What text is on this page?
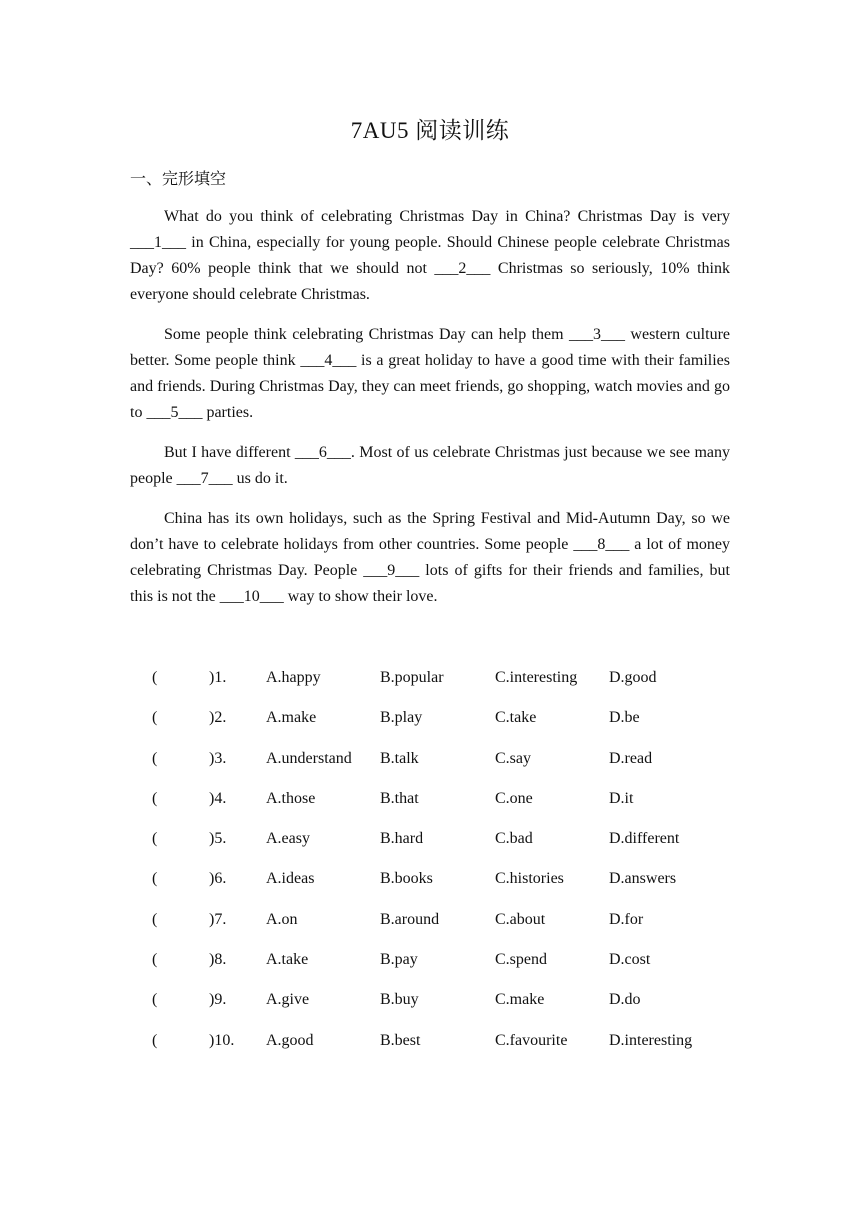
7AU5 阅读训练
一、完形填空

What do you think of celebrating Christmas Day in China? Christmas Day is very ___1___ in China, especially for young people. Should Chinese people celebrate Christmas Day? 60% people think that we should not ___2___ Christmas so seriously, 10% think everyone should celebrate Christmas.

Some people think celebrating Christmas Day can help them ___3___ western culture better. Some people think ___4___ is a great holiday to have a good time with their families and friends. During Christmas Day, they can meet friends, go shopping, watch movies and go to ___5___ parties.

But I have different ___6___. Most of us celebrate Christmas just because we see many people ___7___ us do it.

China has its own holidays, such as the Spring Festival and Mid-Autumn Day, so we don’t have to celebrate holidays from other countries. Some people ___8___ a lot of money celebrating Christmas Day. People ___9___ lots of gifts for their friends and families, but this is not the ___10___ way to show their love.

(	)1. A.happy	B.popular	C.interesting D.good
(	)2. A.make	B.play	C.take	D.be
(	)3. A.understand B.talk	C.say	D.read
(	)4. A.those	B.that	C.one	D.it
(	)5. A.easy	B.hard	C.bad	D.different
(	)6. A.ideas	B.books	C.histories	D.answers
(	)7. A.on	B.around	C.about	D.for
(	)8. A.take	B.pay	C.spend	D.cost
(	)9. A.give	B.buy	C.make	D.do
(	)10. A.good	B.best	C.favourite	D.interesting
